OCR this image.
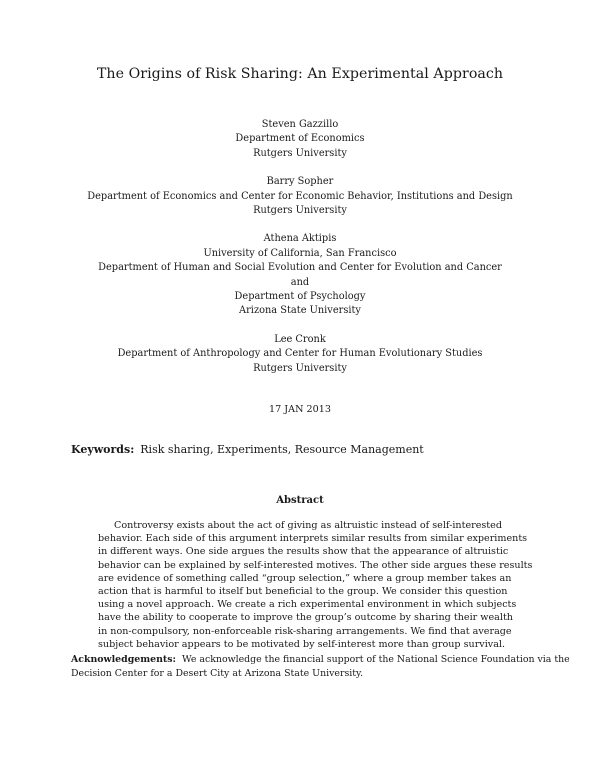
The Origins of Risk Sharing: An Experimental Approach
Steven Gazzillo
Department of Economics
Rutgers University
Barry Sopher
Department of Economics and Center for Economic Behavior, Institutions and Design
Rutgers University
Athena Aktipis
University of California, San Francisco
Department of Human and Social Evolution and Center for Evolution and Cancer
and
Department of Psychology
Arizona State University
Lee Cronk
Department of Anthropology and Center for Human Evolutionary Studies
Rutgers University
17 JAN 2013
Keywords: Risk sharing, Experiments, Resource Management
Abstract
Controversy exists about the act of giving as altruistic instead of self-interested
behavior. Each side of this argument interprets similar results from similar experiments
in different ways. One side argues the results show that the appearance of altruistic
behavior can be explained by self-interested motives. The other side argues these results
are evidence of something called “group selection,” where a group member takes an
action that is harmful to itself but beneficial to the group. We consider this question
using a novel approach. We create a rich experimental environment in which subjects
have the ability to cooperate to improve the group’s outcome by sharing their wealth
in non-compulsory, non-enforceable risk-sharing arrangements. We find that average
subject behavior appears to be motivated by self-interest more than group survival.
Acknowledgements: We acknowledge the financial support of the National Science Foundation via the
Decision Center for a Desert City at Arizona State University.
